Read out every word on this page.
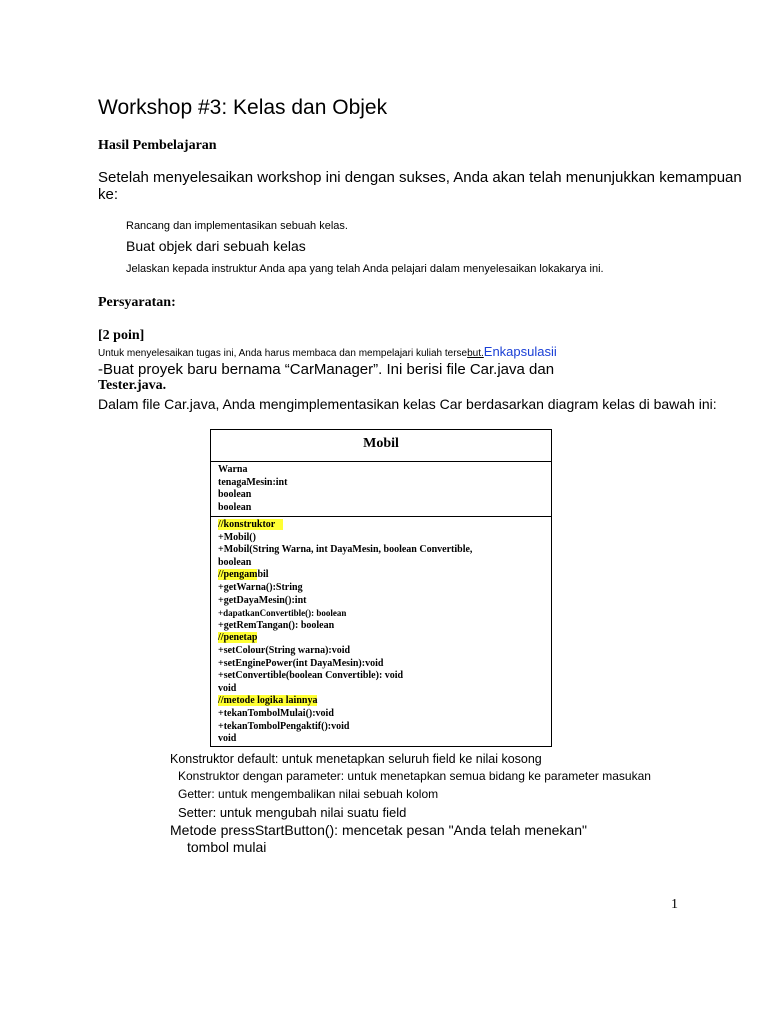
Workshop #3: Kelas dan Objek
Hasil Pembelajaran
Setelah menyelesaikan workshop ini dengan sukses, Anda akan telah menunjukkan kemampuan
ke:
Rancang dan implementasikan sebuah kelas.
Buat objek dari sebuah kelas
Jelaskan kepada instruktur Anda apa yang telah Anda pelajari dalam menyelesaikan lokakarya ini.
Persyaratan:
[2 poin]
Untuk menyelesaikan tugas ini, Anda harus membaca dan mempelajari kuliah tersebut.Enkapsulasii
-Buat proyek baru bernama “CarManager”. Ini berisi file Car.java dan
Tester.java.
Dalam file Car.java, Anda mengimplementasikan kelas Car berdasarkan diagram kelas di bawah ini:
Mobil
Warna
tenagaMesin:int
boolean
boolean
//konstruktor
+Mobil()
+Mobil(String Warna, int DayaMesin, boolean Convertible,
boolean
//pengambil
+getWarna():String
+getDayaMesin():int
+dapatkanConvertible(): boolean
+getRemTangan(): boolean
//penetap
+setColour(String warna):void
+setEnginePower(int DayaMesin):void
+setConvertible(boolean Convertible): void
void
//metode logika lainnya
+tekanTombolMulai():void
+tekanTombolPengaktif():void
void
Konstruktor default: untuk menetapkan seluruh field ke nilai kosong
Konstruktor dengan parameter: untuk menetapkan semua bidang ke parameter masukan
Getter: untuk mengembalikan nilai sebuah kolom
Setter: untuk mengubah nilai suatu field
Metode pressStartButton(): mencetak pesan "Anda telah menekan"
tombol mulai
1
